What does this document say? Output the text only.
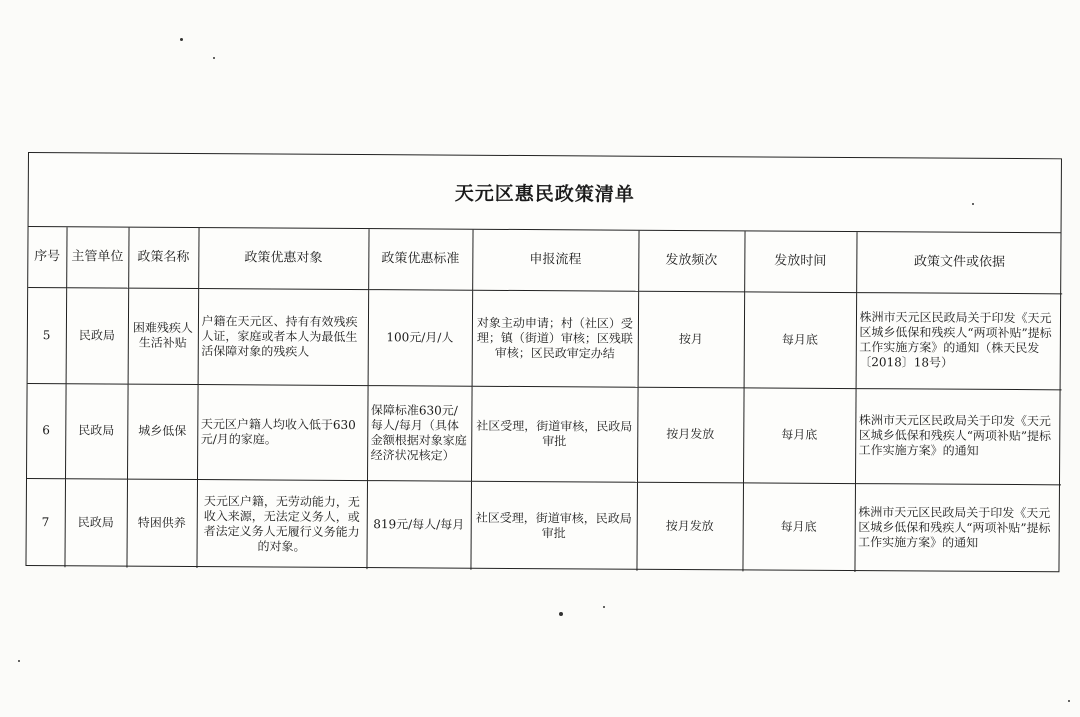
天元区惠民政策清单
序号	主管单位	政策名称	政策优惠对象	政策优惠标准	申报流程	发放频次	发放时间	政策文件或依据
5	民政局	困难残疾人生活补贴	户籍在天元区、持有有效残疾人证，家庭或者本人为最低生活保障对象的残疾人	100元/月/人	对象主动申请；村（社区）受理；镇（街道）审核；区残联审核；区民政审定办结	按月	每月底	株洲市天元区民政局关于印发《天元区城乡低保和残疾人“两项补贴”提标工作实施方案》的通知（株天民发〔2018〕18号）
6	民政局	城乡低保	天元区户籍人均收入低于630元/月的家庭。	保障标准630元/每人/每月（具体金额根据对象家庭经济状况核定）	社区受理，街道审核，民政局审批	按月发放	每月底	株洲市天元区民政局关于印发《天元区城乡低保和残疾人“两项补贴”提标工作实施方案》的通知
7	民政局	特困供养	天元区户籍，无劳动能力，无收入来源，无法定义务人，或者法定义务人无履行义务能力的对象。	819元/每人/每月	社区受理，街道审核，民政局审批	按月发放	每月底	株洲市天元区民政局关于印发《天元区城乡低保和残疾人“两项补贴”提标工作实施方案》的通知
